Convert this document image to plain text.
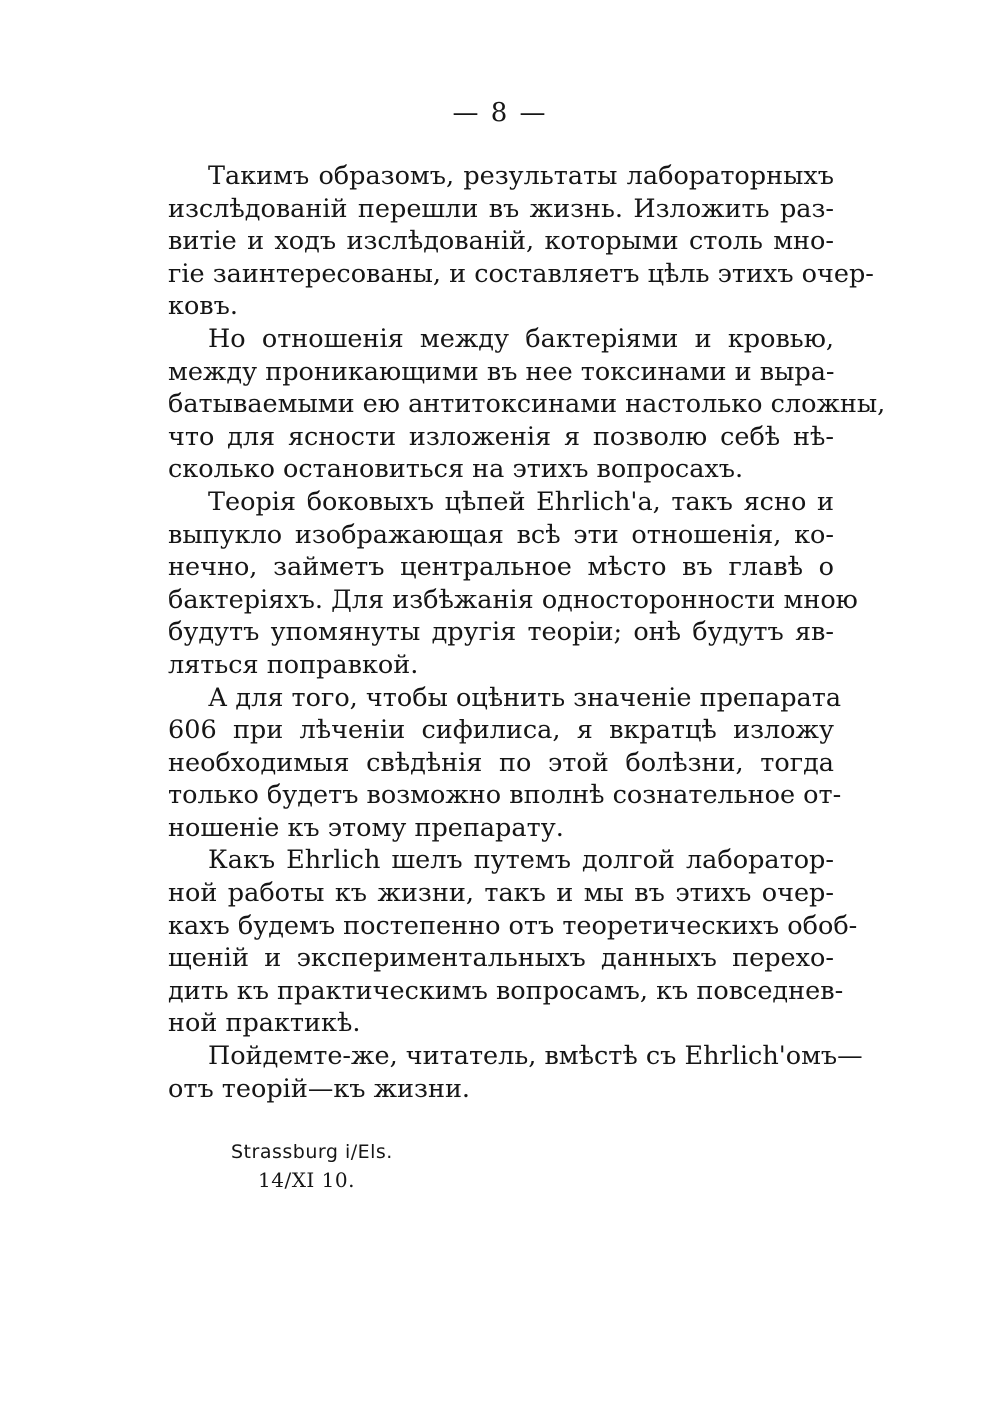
— 8 —

Такимъ образомъ, результаты лабораторныхъ
изслѣдованій перешли въ жизнь. Изложить раз-
витіе и ходъ изслѣдованій, которыми столь мно-
гіе заинтересованы, и составляетъ цѣль этихъ очер-
ковъ.

Но отношенія между бактеріями и кровью,
между проникающими въ нее токсинами и выра-
батываемыми ею антитоксинами настолько сложны,
что для ясности изложенія я позволю себѣ нѣ-
сколько остановиться на этихъ вопросахъ.

Теорія боковыхъ цѣпей Ehrlich'а, такъ ясно и
выпукло изображающая всѣ эти отношенія, ко-
нечно, займетъ центральное мѣсто въ главѣ о
бактеріяхъ. Для избѣжанія односторонности мною
будутъ упомянуты другія теоріи; онѣ будутъ яв-
ляться поправкой.

А для того, чтобы оцѣнить значеніе препарата
606 при лѣченіи сифилиса, я вкратцѣ изложу
необходимыя свѣдѣнія по этой болѣзни, тогда
только будетъ возможно вполнѣ сознательное от-
ношеніе къ этому препарату.

Какъ Ehrlich шелъ путемъ долгой лаборатор-
ной работы къ жизни, такъ и мы въ этихъ очер-
кахъ будемъ постепенно отъ теоретическихъ обоб-
щеній и экспериментальныхъ данныхъ перехо-
дить къ практическимъ вопросамъ, къ повседнев-
ной практикѣ.

Пойдемте-же, читатель, вмѣстѣ съ Ehrlich'омъ—
отъ теорій—къ жизни.

Strassburg i/Els.
14/XI 10.
